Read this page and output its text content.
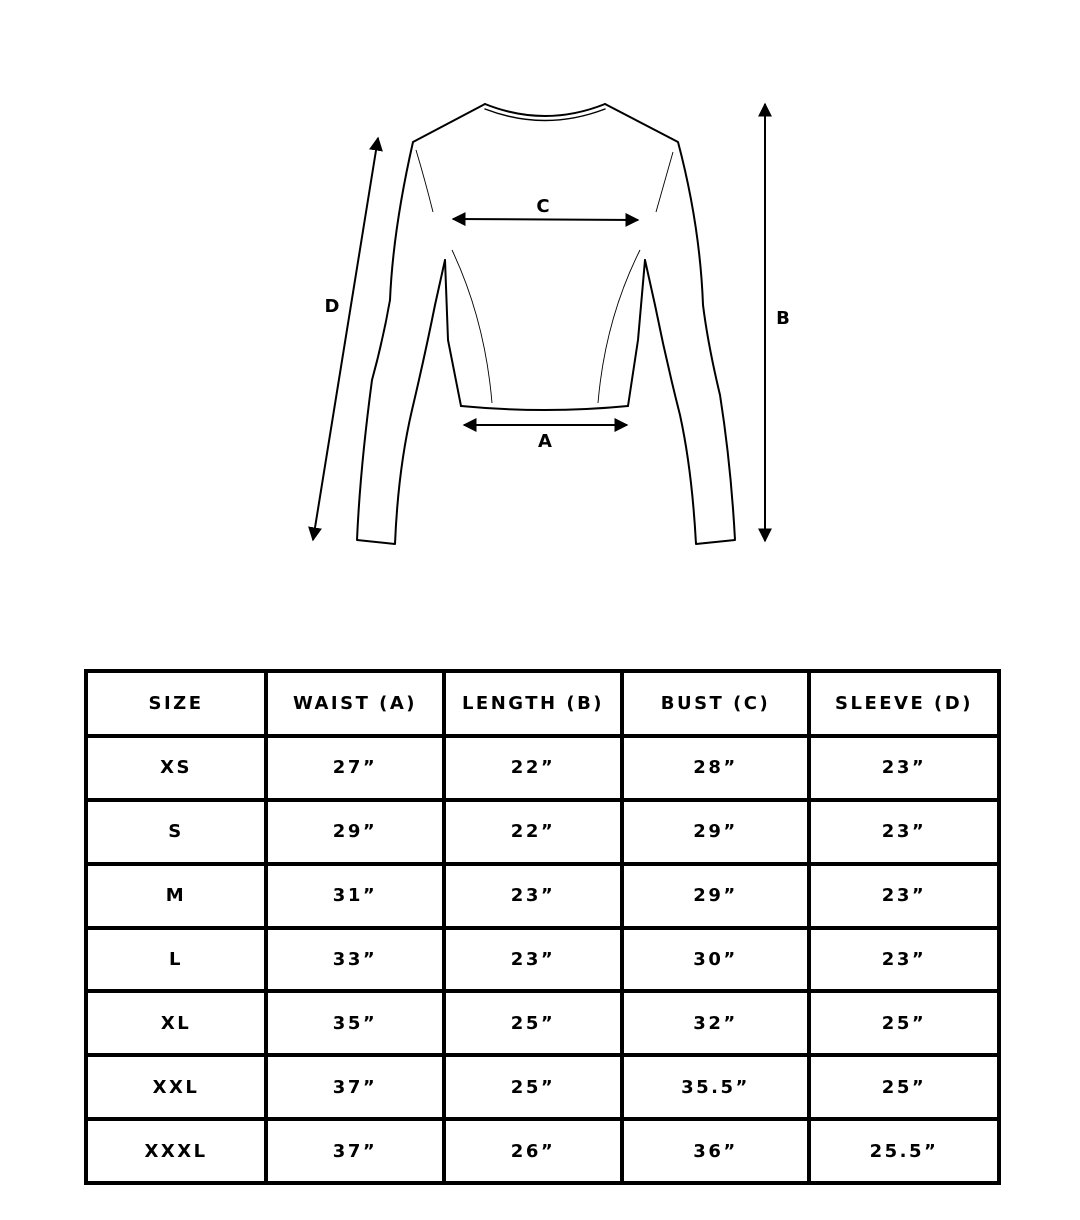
C
A
B
D
SIZE	WAIST (A)	LENGTH (B)	BUST (C)	SLEEVE (D)
XS	27”	22”	28”	23”
S	29”	22”	29”	23”
M	31”	23”	29”	23”
L	33”	23”	30”	23”
XL	35”	25”	32”	25”
XXL	37”	25”	35.5”	25”
XXXL	37”	26”	36”	25.5”
